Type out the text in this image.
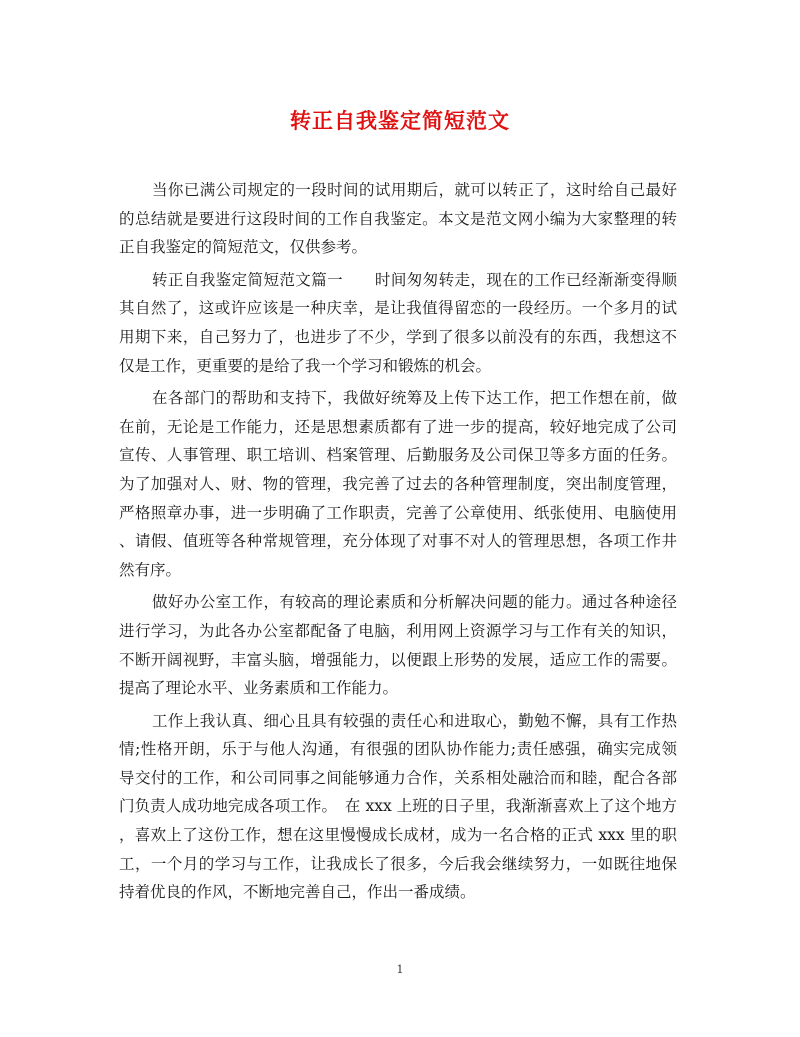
转正自我鉴定简短范文
当你已满公司规定的一段时间的试用期后，就可以转正了，这时给自己最好
的总结就是要进行这段时间的工作自我鉴定。本文是范文网小编为大家整理的转
正自我鉴定的简短范文，仅供参考。
转正自我鉴定简短范文篇一　　时间匆匆转走，现在的工作已经渐渐变得顺
其自然了，这或许应该是一种庆幸，是让我值得留恋的一段经历。一个多月的试
用期下来，自己努力了，也进步了不少，学到了很多以前没有的东西，我想这不
仅是工作，更重要的是给了我一个学习和锻炼的机会。
在各部门的帮助和支持下，我做好统筹及上传下达工作，把工作想在前，做
在前，无论是工作能力，还是思想素质都有了进一步的提高，较好地完成了公司
宣传、人事管理、职工培训、档案管理、后勤服务及公司保卫等多方面的任务。
为了加强对人、财、物的管理，我完善了过去的各种管理制度，突出制度管理，
严格照章办事，进一步明确了工作职责，完善了公章使用、纸张使用、电脑使用
、请假、值班等各种常规管理，充分体现了对事不对人的管理思想，各项工作井
然有序。
做好办公室工作，有较高的理论素质和分析解决问题的能力。通过各种途径
进行学习，为此各办公室都配备了电脑，利用网上资源学习与工作有关的知识，
不断开阔视野，丰富头脑，增强能力，以便跟上形势的发展，适应工作的需要。
提高了理论水平、业务素质和工作能力。
工作上我认真、细心且具有较强的责任心和进取心，勤勉不懈，具有工作热
情;性格开朗，乐于与他人沟通，有很强的团队协作能力;责任感强，确实完成领
导交付的工作，和公司同事之间能够通力合作，关系相处融洽而和睦，配合各部
门负责人成功地完成各项工作。　在 xxx 上班的日子里，我渐渐喜欢上了这个地方
，喜欢上了这份工作，想在这里慢慢成长成材，成为一名合格的正式 xxx 里的职
工，一个月的学习与工作，让我成长了很多，今后我会继续努力，一如既往地保
持着优良的作风，不断地完善自己，作出一番成绩。
1
